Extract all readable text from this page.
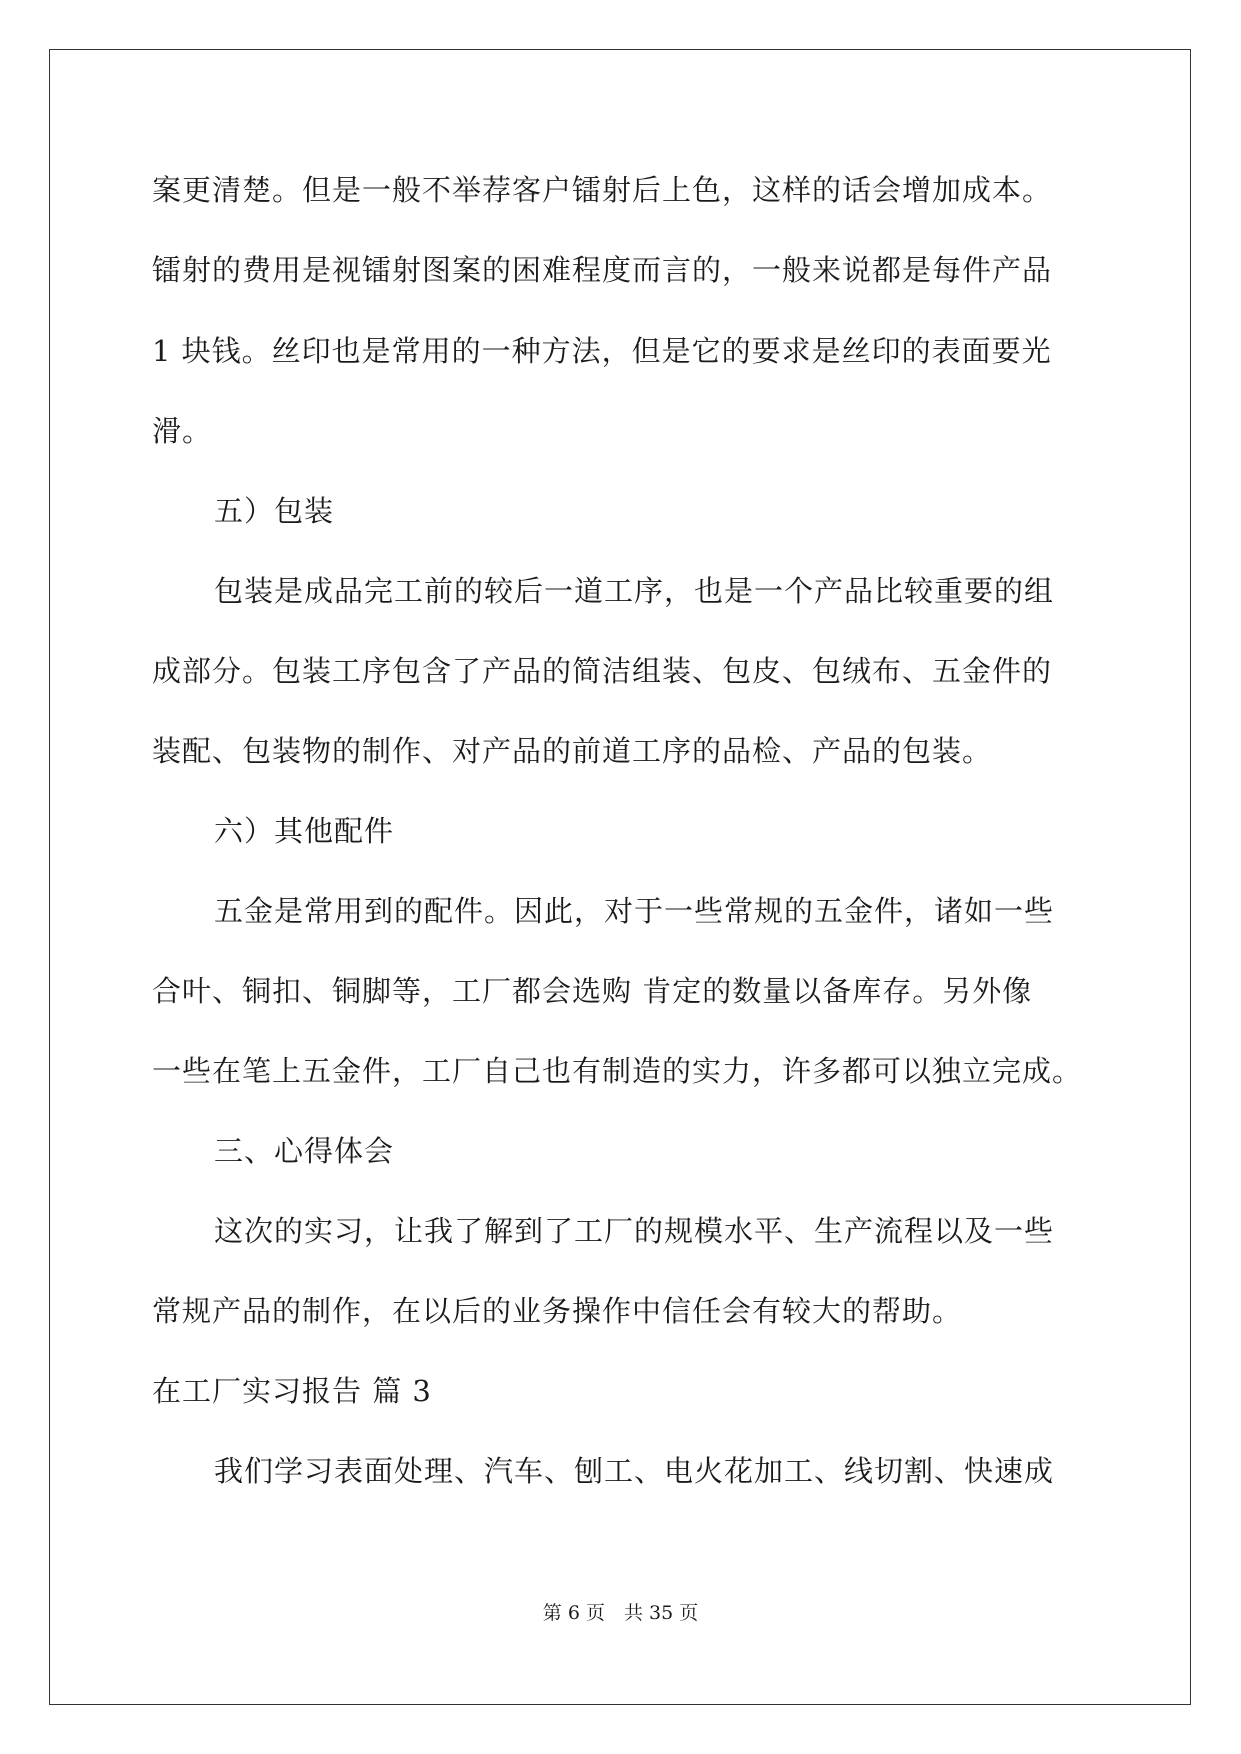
案更清楚。但是一般不举荐客户镭射后上色，这样的话会增加成本。
镭射的费用是视镭射图案的困难程度而言的，一般来说都是每件产品
1 块钱。丝印也是常用的一种方法，但是它的要求是丝印的表面要光
滑。
五）包装
包装是成品完工前的较后一道工序，也是一个产品比较重要的组
成部分。包装工序包含了产品的简洁组装、包皮、包绒布、五金件的
装配、包装物的制作、对产品的前道工序的品检、产品的包装。
六）其他配件
五金是常用到的配件。因此，对于一些常规的五金件，诸如一些
合叶、铜扣、铜脚等，工厂都会选购 肯定的数量以备库存。另外像
一些在笔上五金件，工厂自己也有制造的实力，许多都可以独立完成。
三、心得体会
这次的实习，让我了解到了工厂的规模水平、生产流程以及一些
常规产品的制作，在以后的业务操作中信任会有较大的帮助。
在工厂实习报告 篇 3
我们学习表面处理、汽车、刨工、电火花加工、线切割、快速成
第 6 页　共 35 页
